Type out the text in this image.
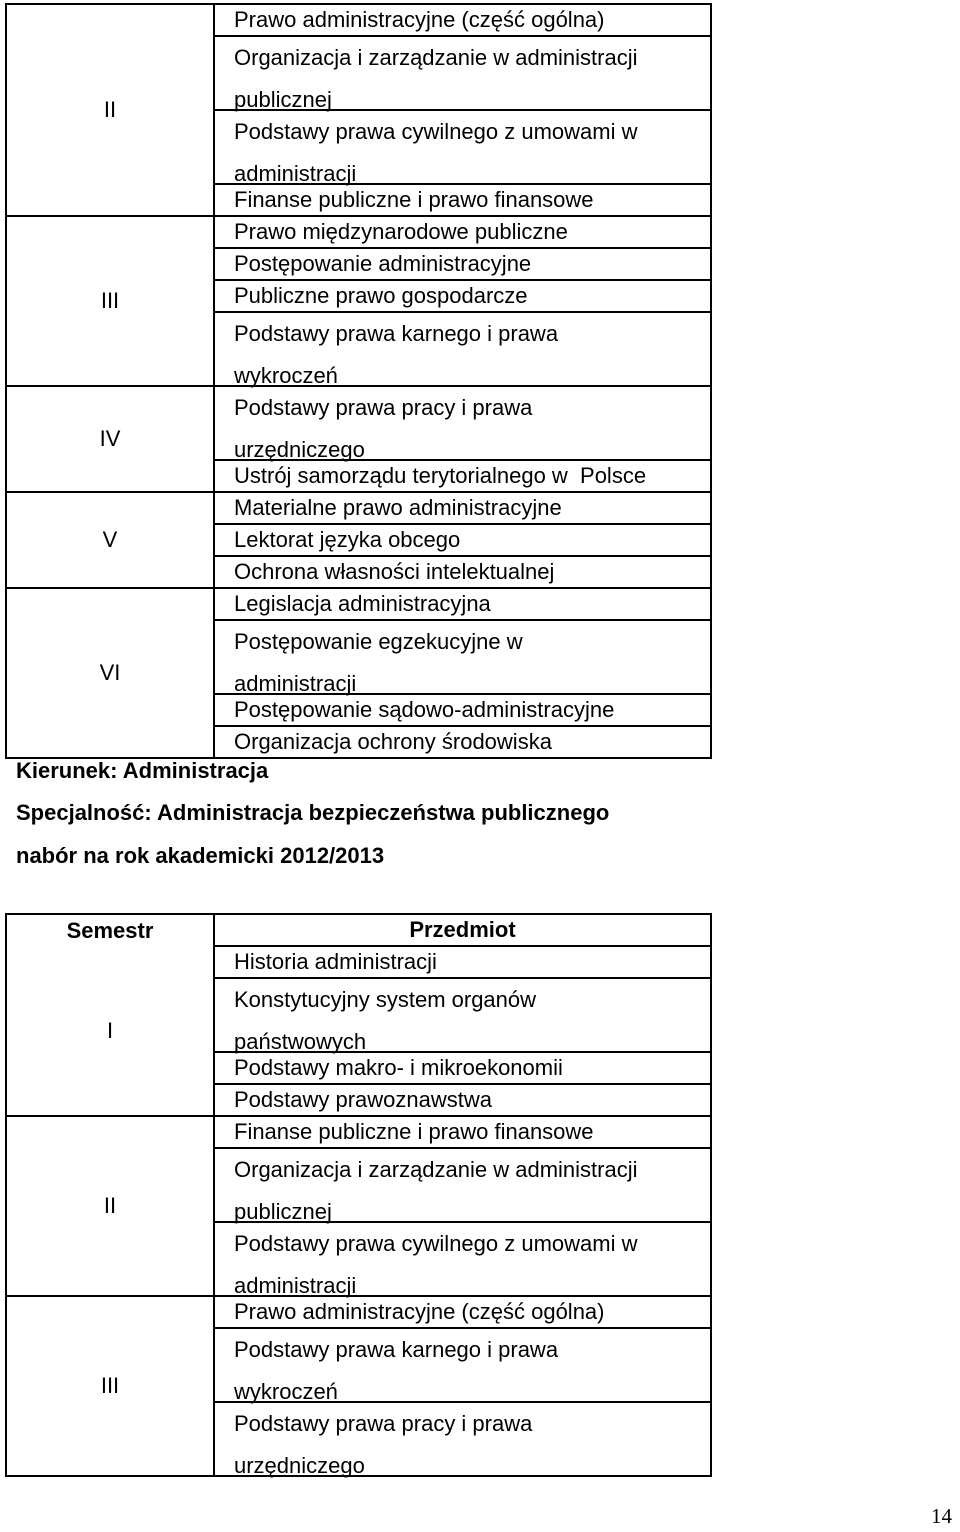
II	Prawo administracyjne (część ogólna)
Organizacja i zarządzanie w administracji publicznej
Podstawy prawa cywilnego z umowami w administracji
Finanse publiczne i prawo finansowe

III	Prawo międzynarodowe publiczne
Postępowanie administracyjne
Publiczne prawo gospodarcze
Podstawy prawa karnego i prawa wykroczeń

IV	Podstawy prawa pracy i prawa urzędniczego
Ustrój samorządu terytorialnego w  Polsce

V	Materialne prawo administracyjne
Lektorat języka obcego
Ochrona własności intelektualnej

VI	Legislacja administracyjna
Postępowanie egzekucyjne w administracji
Postępowanie sądowo-administracyjne
Organizacja ochrony środowiska
Kierunek: Administracja
Specjalność: Administracja bezpieczeństwa publicznego
nabór na rok akademicki 2012/2013
Semestr	Przedmiot
I	Historia administracji
Konstytucyjny system organów państwowych
Podstawy makro- i mikroekonomii
Podstawy prawoznawstwa

II	Finanse publiczne i prawo finansowe
Organizacja i zarządzanie w administracji publicznej
Podstawy prawa cywilnego z umowami w administracji

III	Prawo administracyjne (część ogólna)
Podstawy prawa karnego i prawa wykroczeń
Podstawy prawa pracy i prawa urzędniczego
14
